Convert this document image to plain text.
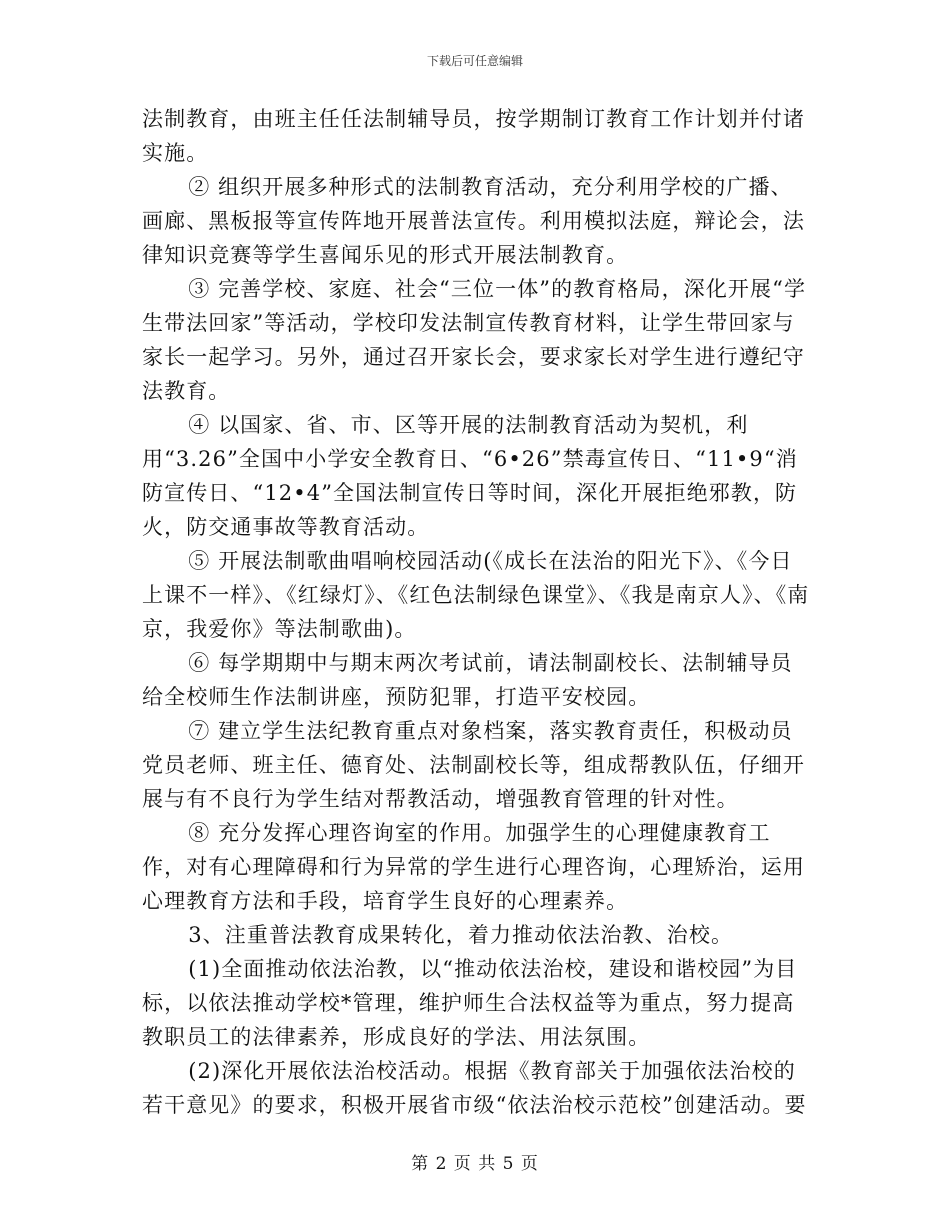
下载后可任意编辑

法制教育，由班主任任法制辅导员，按学期制订教育工作计划并付诸实施。

② 组织开展多种形式的法制教育活动，充分利用学校的广播、画廊、黑板报等宣传阵地开展普法宣传。利用模拟法庭，辩论会，法律知识竞赛等学生喜闻乐见的形式开展法制教育。

③ 完善学校、家庭、社会“三位一体”的教育格局，深化开展“学生带法回家”等活动，学校印发法制宣传教育材料，让学生带回家与家长一起学习。另外，通过召开家长会，要求家长对学生进行遵纪守法教育。

④ 以国家、省、市、区等开展的法制教育活动为契机，利用“3.26”全国中小学安全教育日、“6•26”禁毒宣传日、“11•9“消防宣传日、“12•4”全国法制宣传日等时间，深化开展拒绝邪教，防火，防交通事故等教育活动。

⑤ 开展法制歌曲唱响校园活动(《成长在法治的阳光下》、《今日上课不一样》、《红绿灯》、《红色法制绿色课堂》、《我是南京人》、《南京，我爱你》等法制歌曲)。

⑥ 每学期期中与期末两次考试前，请法制副校长、法制辅导员给全校师生作法制讲座，预防犯罪，打造平安校园。

⑦ 建立学生法纪教育重点对象档案，落实教育责任，积极动员党员老师、班主任、德育处、法制副校长等，组成帮教队伍，仔细开展与有不良行为学生结对帮教活动，增强教育管理的针对性。

⑧ 充分发挥心理咨询室的作用。加强学生的心理健康教育工作，对有心理障碍和行为异常的学生进行心理咨询，心理矫治，运用心理教育方法和手段，培育学生良好的心理素养。

3、注重普法教育成果转化，着力推动依法治教、治校。

(1)全面推动依法治教，以“推动依法治校，建设和谐校园”为目标，以依法推动学校*管理，维护师生合法权益等为重点，努力提高教职员工的法律素养，形成良好的学法、用法氛围。

(2)深化开展依法治校活动。根据《教育部关于加强依法治校的若干意见》的要求，积极开展省市级“依法治校示范校”创建活动。要

第 2 页 共 5 页
